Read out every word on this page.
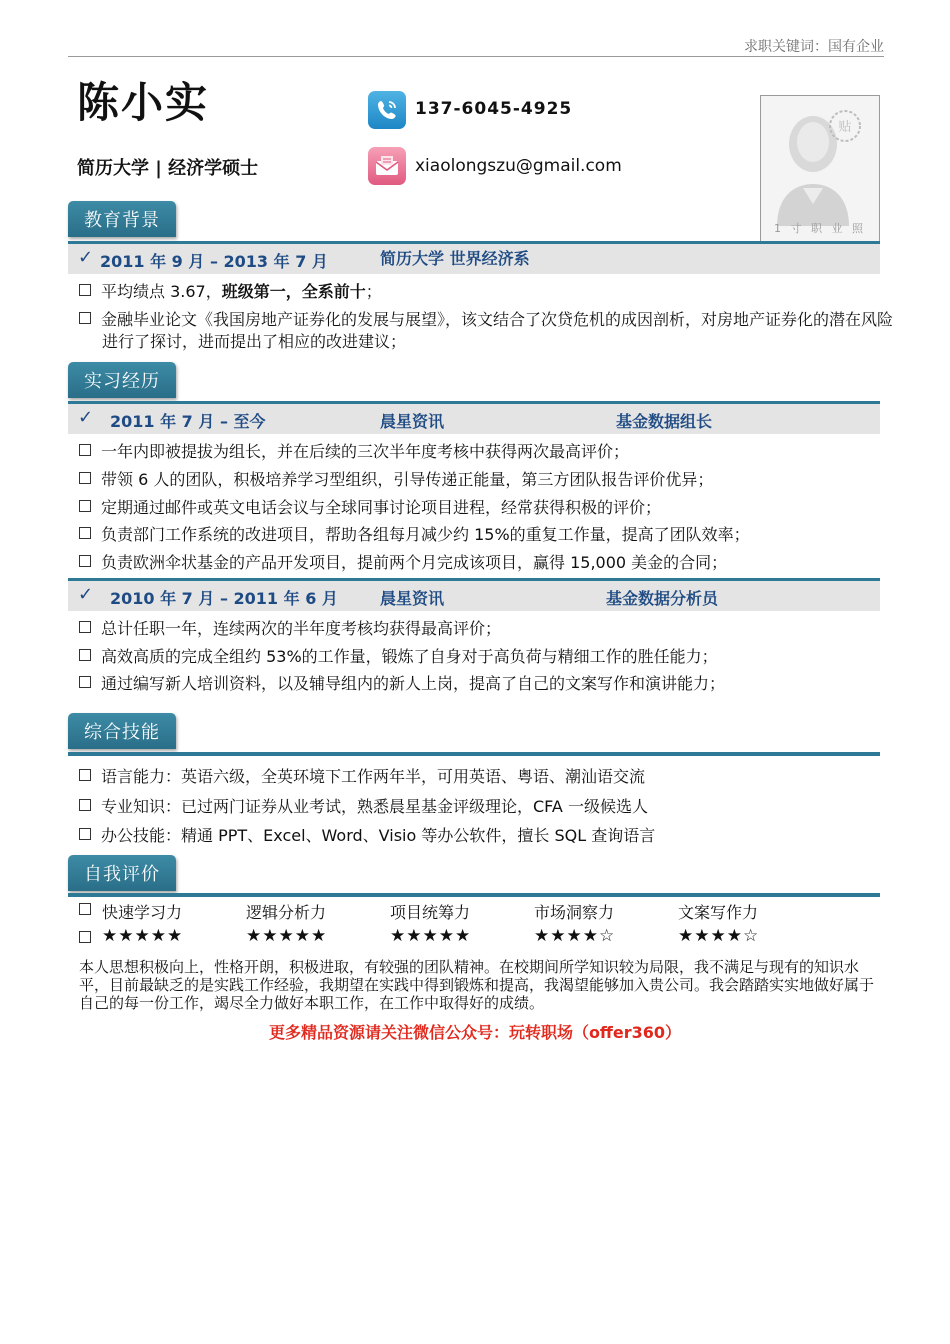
求职关键词：国有企业
陈小实
简历大学 | 经济学硕士
137-6045-4925
xiaolongszu@gmail.com
贴
1 寸 职 业 照
教育背景
✓ 2011 年 9 月 – 2013 年 7 月	简历大学 世界经济系
平均绩点 3.67，班级第一，全系前十；
金融毕业论文《我国房地产证券化的发展与展望》，该文结合了次贷危机的成因剖析，对房地产证券化的潜在风险进行了探讨，进而提出了相应的改进建议；
实习经历
✓ 2011 年 7 月 – 至今	晨星资讯	基金数据组长
一年内即被提拔为组长，并在后续的三次半年度考核中获得两次最高评价；
带领 6 人的团队，积极培养学习型组织，引导传递正能量，第三方团队报告评价优异；
定期通过邮件或英文电话会议与全球同事讨论项目进程，经常获得积极的评价；
负责部门工作系统的改进项目，帮助各组每月减少约 15%的重复工作量，提高了团队效率；
负责欧洲伞状基金的产品开发项目，提前两个月完成该项目，赢得 15,000 美金的合同；
✓ 2010 年 7 月 – 2011 年 6 月	晨星资讯	基金数据分析员
总计任职一年，连续两次的半年度考核均获得最高评价；
高效高质的完成全组约 53%的工作量，锻炼了自身对于高负荷与精细工作的胜任能力；
通过编写新人培训资料，以及辅导组内的新人上岗，提高了自己的文案写作和演讲能力；
综合技能
语言能力：英语六级，全英环境下工作两年半，可用英语、粤语、潮汕语交流
专业知识：已过两门证券从业考试，熟悉晨星基金评级理论，CFA 一级候选人
办公技能：精通 PPT、Excel、Word、Visio 等办公软件，擅长 SQL 查询语言
自我评价
快速学习力	逻辑分析力	项目统筹力	市场洞察力	文案写作力
★★★★★	★★★★★	★★★★★	★★★★☆	★★★★☆
本人思想积极向上，性格开朗，积极进取，有较强的团队精神。在校期间所学知识较为局限，我不满足与现有的知识水平，目前最缺乏的是实践工作经验，我期望在实践中得到锻炼和提高，我渴望能够加入贵公司。我会踏踏实实地做好属于自己的每一份工作，竭尽全力做好本职工作，在工作中取得好的成绩。
更多精品资源请关注微信公众号：玩转职场（offer360）
